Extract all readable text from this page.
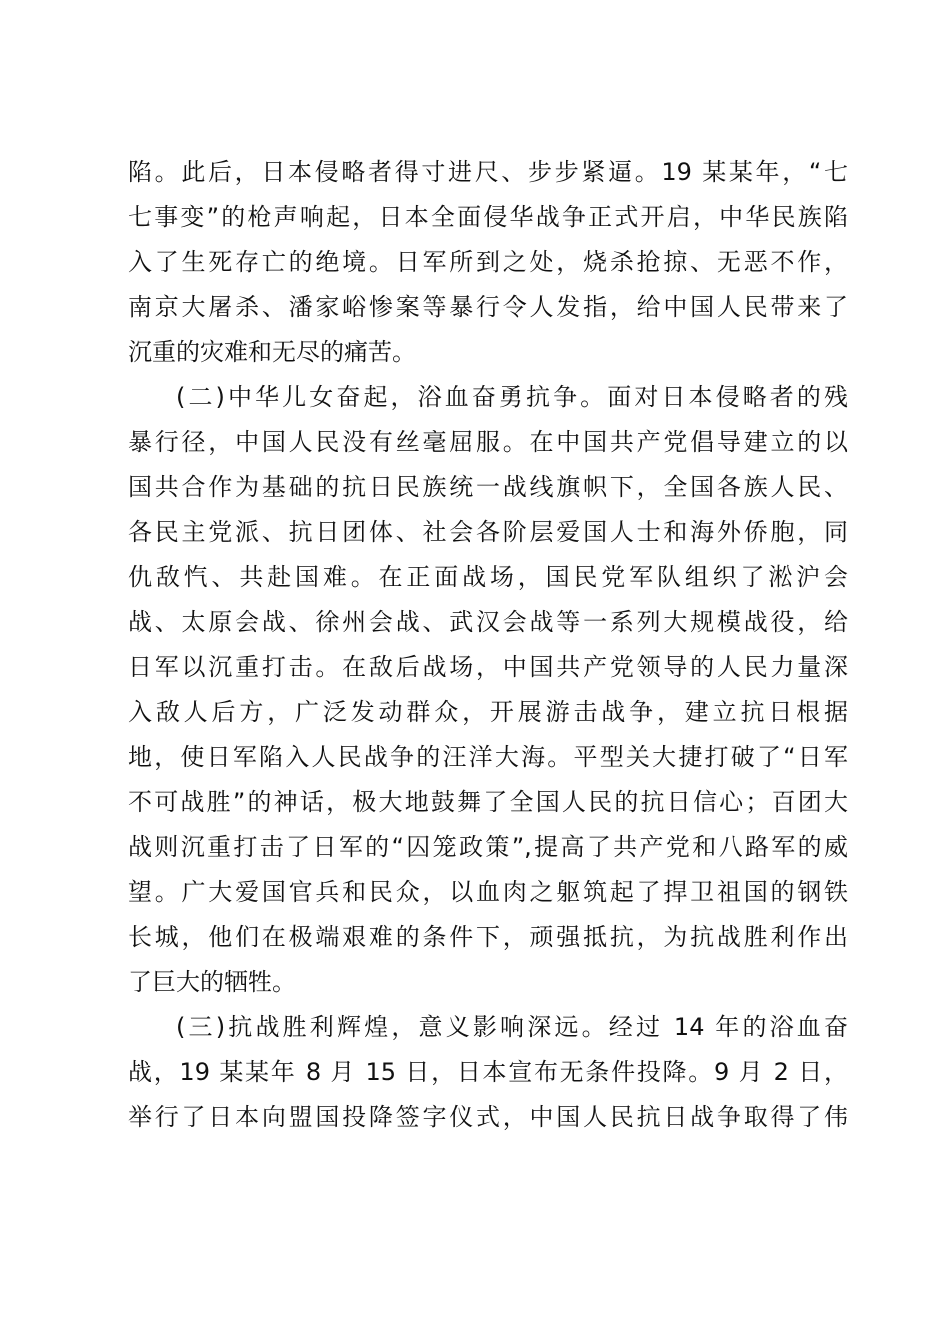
陷。此后，日本侵略者得寸进尺、步步紧逼。19 某某年，“七
七事变”的枪声响起，日本全面侵华战争正式开启，中华民族陷
入了生死存亡的绝境。日军所到之处，烧杀抢掠、无恶不作，
南京大屠杀、潘家峪惨案等暴行令人发指，给中国人民带来了
沉重的灾难和无尽的痛苦。
(二)中华儿女奋起，浴血奋勇抗争。面对日本侵略者的残
暴行径，中国人民没有丝毫屈服。在中国共产党倡导建立的以
国共合作为基础的抗日民族统一战线旗帜下，全国各族人民、
各民主党派、抗日团体、社会各阶层爱国人士和海外侨胞，同
仇敌忾、共赴国难。在正面战场，国民党军队组织了淞沪会
战、太原会战、徐州会战、武汉会战等一系列大规模战役，给
日军以沉重打击。在敌后战场，中国共产党领导的人民力量深
入敌人后方，广泛发动群众，开展游击战争，建立抗日根据
地，使日军陷入人民战争的汪洋大海。平型关大捷打破了“日军
不可战胜”的神话，极大地鼓舞了全国人民的抗日信心；百团大
战则沉重打击了日军的“囚笼政策”,提高了共产党和八路军的威
望。广大爱国官兵和民众，以血肉之躯筑起了捍卫祖国的钢铁
长城，他们在极端艰难的条件下，顽强抵抗，为抗战胜利作出
了巨大的牺牲。
(三)抗战胜利辉煌，意义影响深远。经过 14 年的浴血奋
战，19 某某年 8 月 15 日，日本宣布无条件投降。9 月 2 日，
举行了日本向盟国投降签字仪式，中国人民抗日战争取得了伟
